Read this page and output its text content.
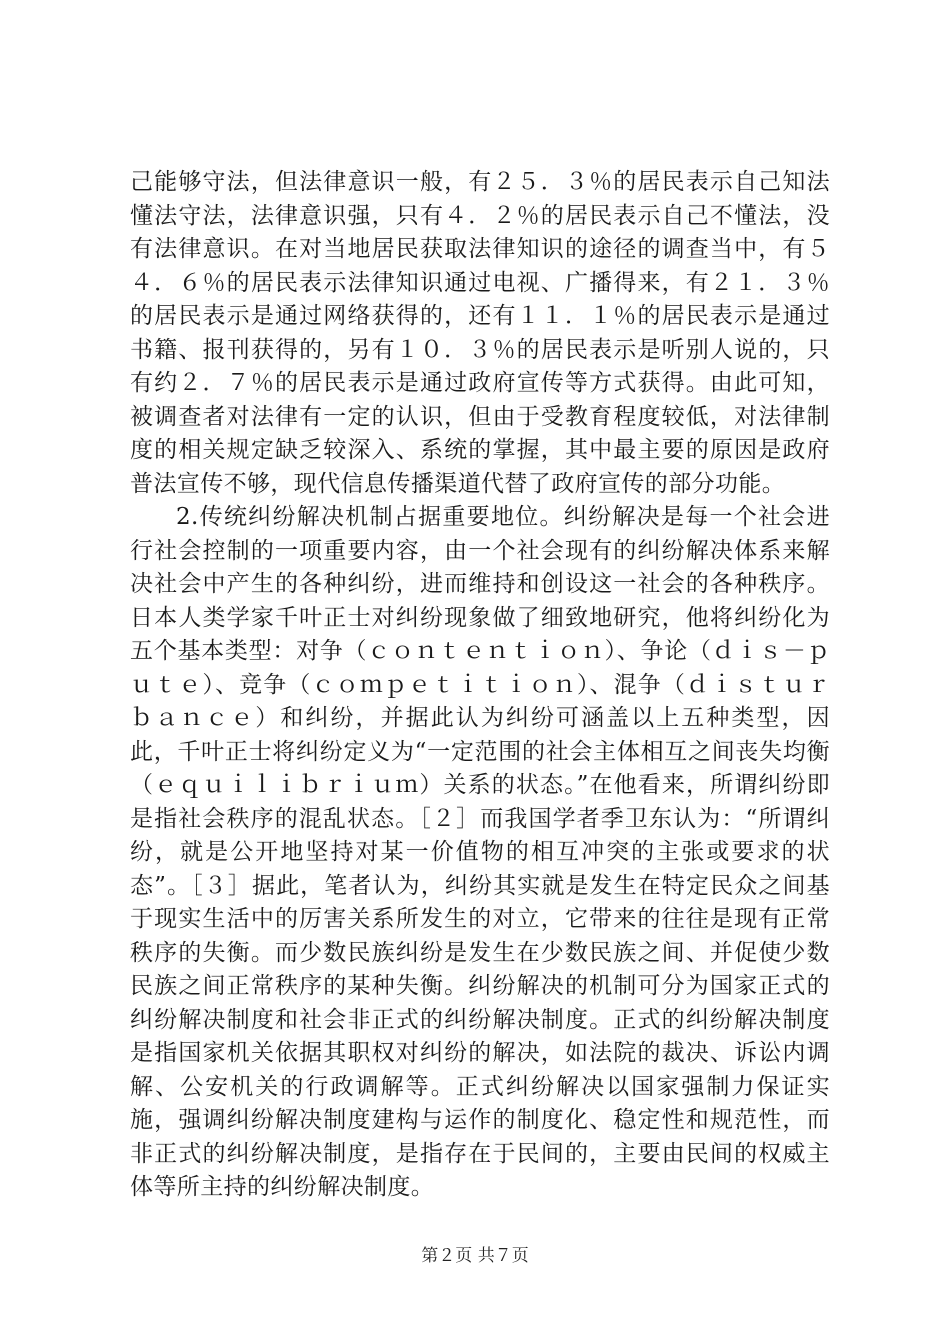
己能够守法，但法律意识一般，有２５．３％的居民表示自己知法懂法守法，法律意识强，只有４．２％的居民表示自己不懂法，没有法律意识。在对当地居民获取法律知识的途径的调查当中，有５４．６％的居民表示法律知识通过电视、广播得来，有２１．３％的居民表示是通过网络获得的，还有１１．１％的居民表示是通过书籍、报刊获得的，另有１０．３％的居民表示是听别人说的，只有约２．７％的居民表示是通过政府宣传等方式获得。由此可知，被调查者对法律有一定的认识，但由于受教育程度较低，对法律制度的相关规定缺乏较深入、系统的掌握，其中最主要的原因是政府普法宣传不够，现代信息传播渠道代替了政府宣传的部分功能。

2.传统纠纷解决机制占据重要地位。纠纷解决是每一个社会进行社会控制的一项重要内容，由一个社会现有的纠纷解决体系来解决社会中产生的各种纠纷，进而维持和创设这一社会的各种秩序。日本人类学家千叶正士对纠纷现象做了细致地研究，他将纠纷化为五个基本类型：对争（ｃｏｎｔｅｎｔｉｏｎ）、争论（ｄｉｓ－ｐｕｔｅ）、竞争（ｃｏｍｐｅｔｉｔｉｏｎ）、混争（ｄｉｓｔｕｒｂａｎｃｅ）和纠纷，并据此认为纠纷可涵盖以上五种类型，因此，千叶正士将纠纷定义为“一定范围的社会主体相互之间丧失均衡（ｅｑｕｉｌｉｂｒｉｕｍ）关系的状态。”在他看来，所谓纠纷即是指社会秩序的混乱状态。［２］而我国学者季卫东认为：“所谓纠纷，就是公开地坚持对某一价值物的相互冲突的主张或要求的状态”。［３］据此，笔者认为，纠纷其实就是发生在特定民众之间基于现实生活中的厉害关系所发生的对立，它带来的往往是现有正常秩序的失衡。而少数民族纠纷是发生在少数民族之间、并促使少数民族之间正常秩序的某种失衡。纠纷解决的机制可分为国家正式的纠纷解决制度和社会非正式的纠纷解决制度。正式的纠纷解决制度是指国家机关依据其职权对纠纷的解决，如法院的裁决、诉讼内调解、公安机关的行政调解等。正式纠纷解决以国家强制力保证实施，强调纠纷解决制度建构与运作的制度化、稳定性和规范性，而非正式的纠纷解决制度，是指存在于民间的，主要由民间的权威主体等所主持的纠纷解决制度。

第２页 共７页
